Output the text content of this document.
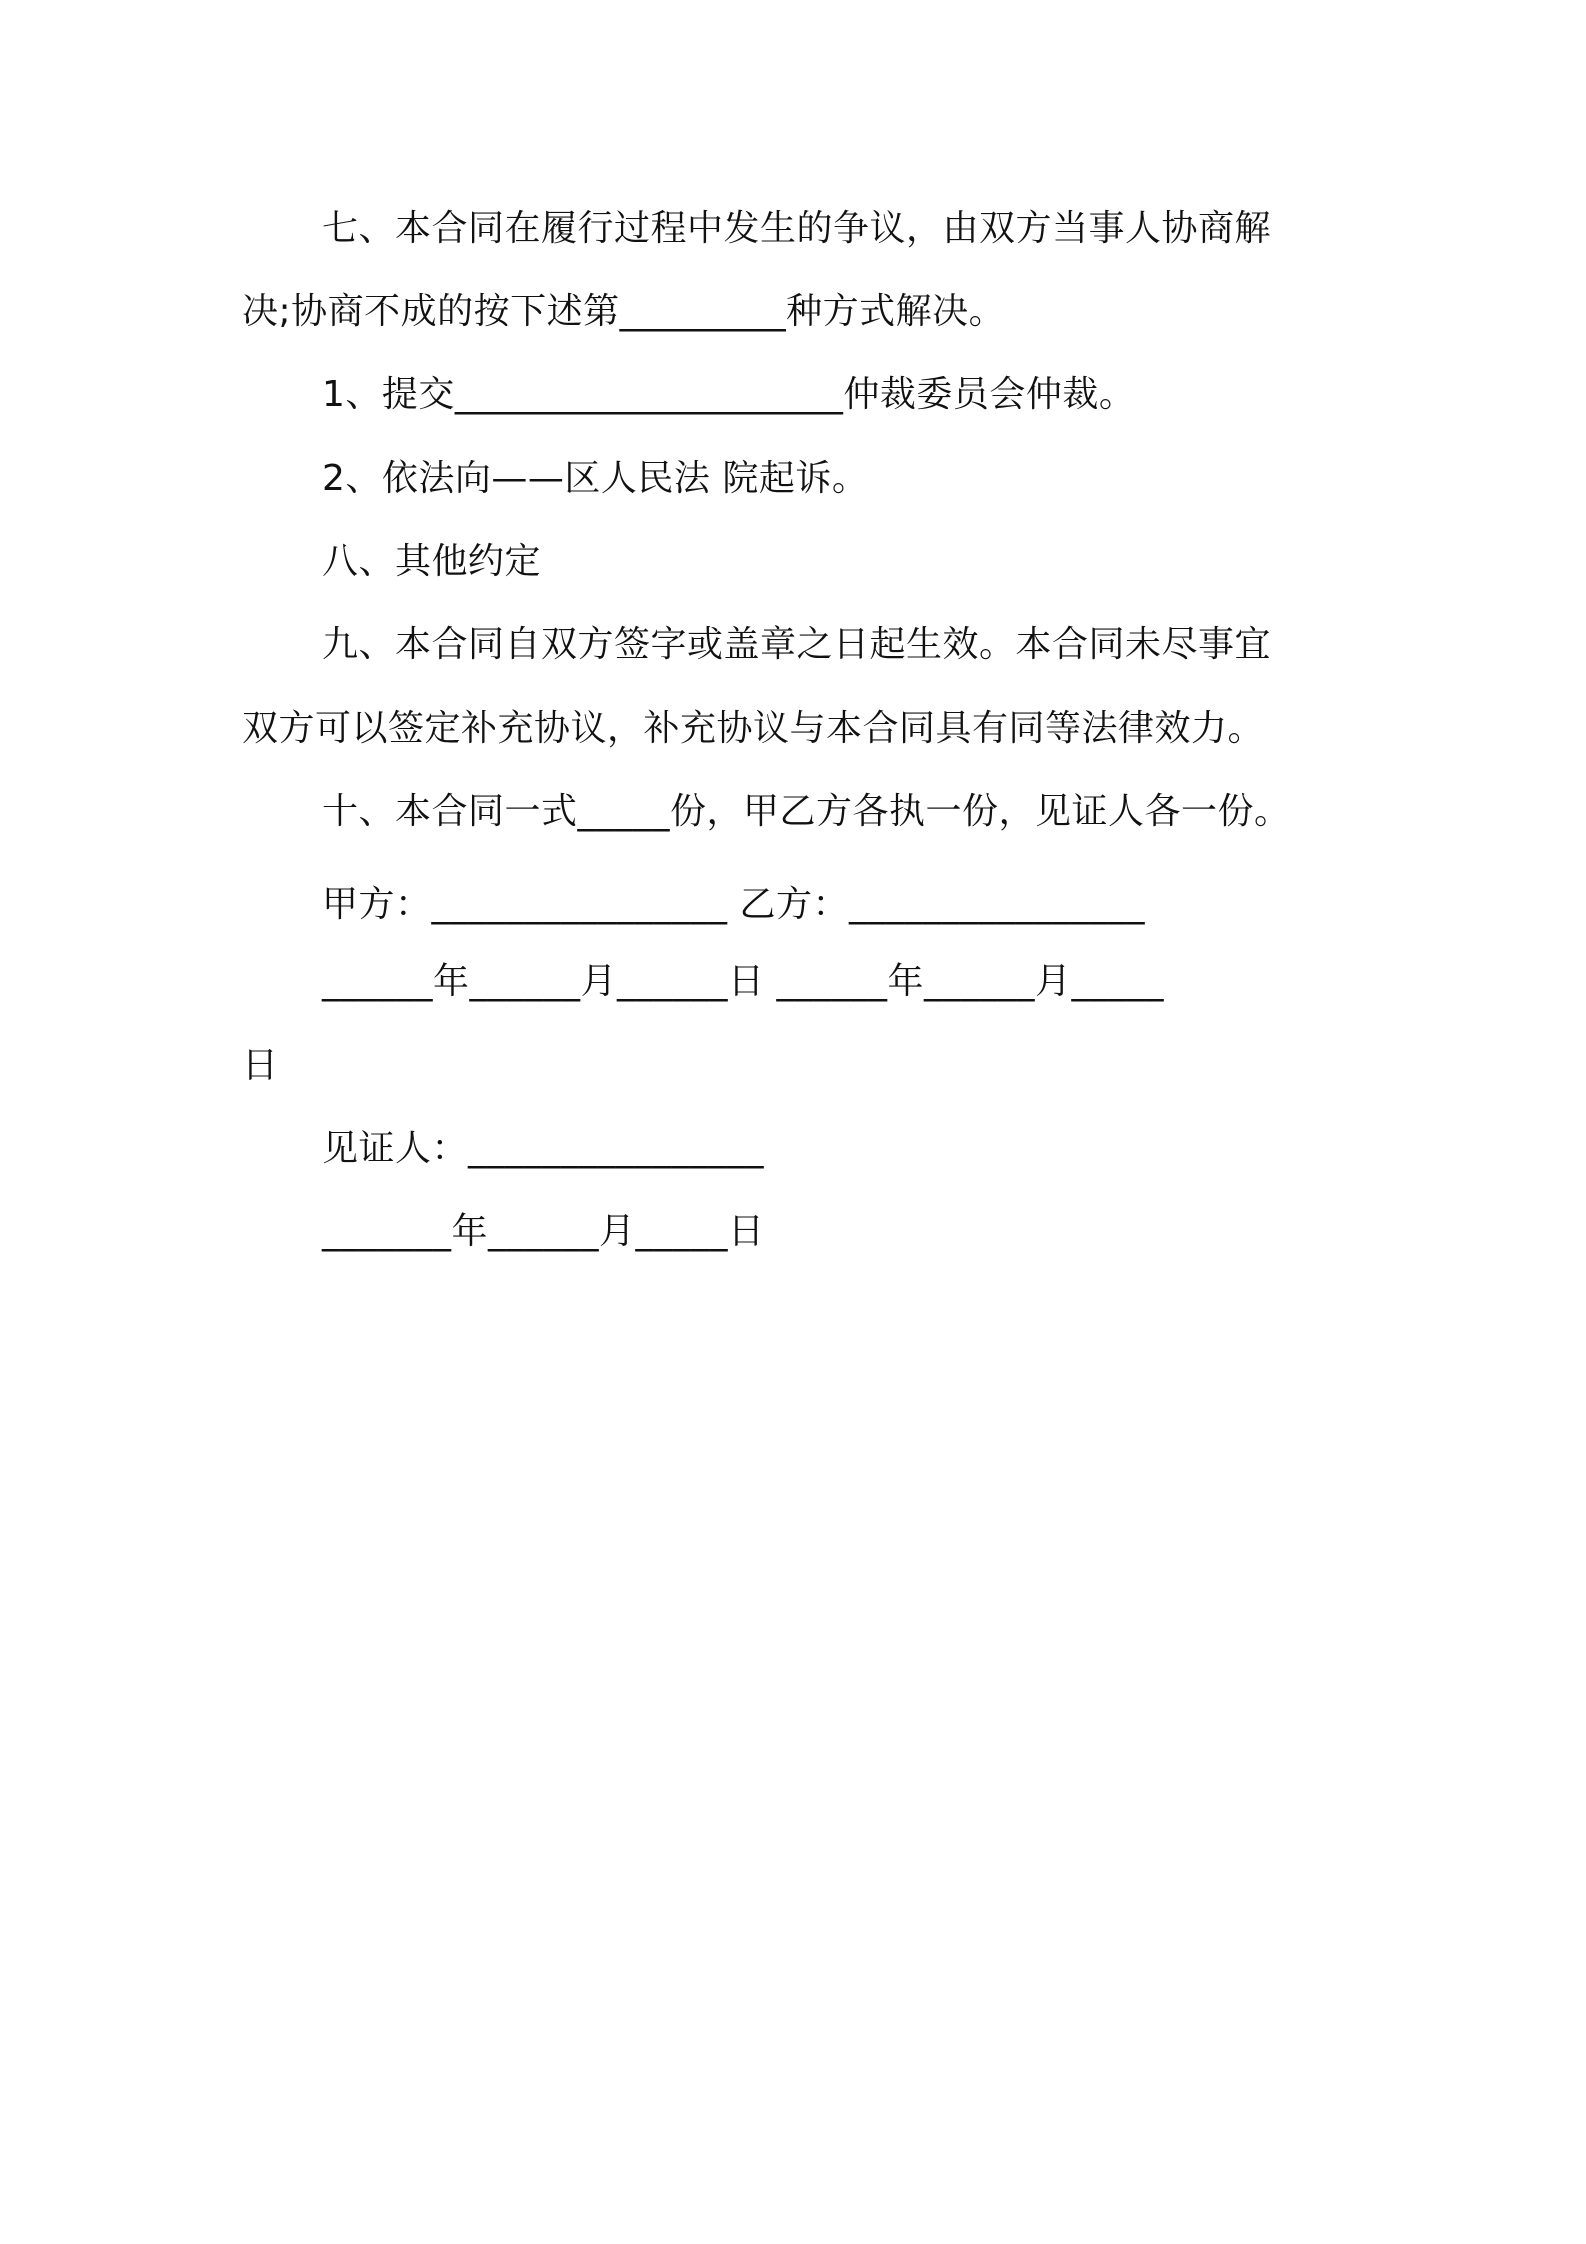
七、本合同在履行过程中发生的争议，由双方当事人协商解
决;协商不成的按下述第_________种方式解决。
1、提交_____________________仲裁委员会仲裁。
2、依法向——区人民法 院起诉。
八、其他约定
九、本合同自双方签字或盖章之日起生效。本合同未尽事宜
双方可以签定补充协议，补充协议与本合同具有同等法律效力。
十、本合同一式_____份，甲乙方各执一份，见证人各一份。
甲方：________________ 乙方：________________
______年______月______日 ______年______月_____
日
见证人：________________
_______年______月_____日
